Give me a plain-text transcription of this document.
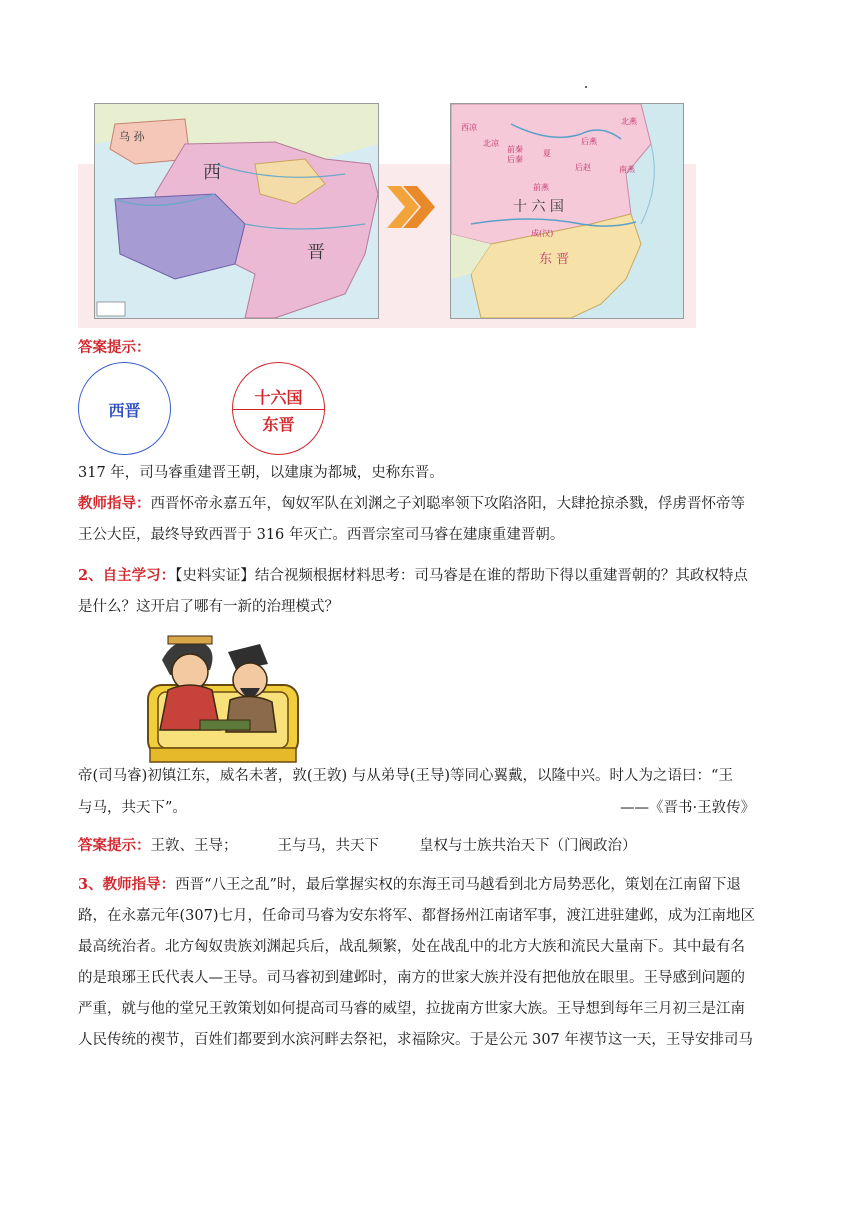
乌 孙
西
晋
西凉
北凉
前秦
后秦
夏
后燕
北燕
南燕
后赵
前燕
成(汉)
十 六 国
东 晋
答案提示：
西晋
十六国
东晋
317 年，司马睿重建晋王朝，以建康为都城，史称东晋。
教师指导：西晋怀帝永嘉五年，匈奴军队在刘渊之子刘聪率领下攻陷洛阳，大肆抢掠杀戮，俘虏晋怀帝等
王公大臣，最终导致西晋于 316 年灭亡。西晋宗室司马睿在建康重建晋朝。
2、自主学习：【史料实证】结合视频根据材料思考：司马睿是在谁的帮助下得以重建晋朝的？其政权特点
是什么？这开启了哪有一新的治理模式？
帝(司马睿)初镇江东，威名未著，敦(王敦) 与从弟导(王导)等同心翼戴，以隆中兴。时人为之语曰：“王
与马，共天下”。	——《晋书·王敦传》
答案提示：王敦、王导；	王与马，共天下	皇权与士族共治天下（门阀政治）
3、教师指导：西晋“八王之乱”时，最后掌握实权的东海王司马越看到北方局势恶化，策划在江南留下退
路，在永嘉元年(307)七月，任命司马睿为安东将军、都督扬州江南诸军事，渡江进驻建邺，成为江南地区
最高统治者。北方匈奴贵族刘渊起兵后，战乱频繁，处在战乱中的北方大族和流民大量南下。其中最有名
的是琅琊王氏代表人—王导。司马睿初到建邺时，南方的世家大族并没有把他放在眼里。王导感到问题的
严重，就与他的堂兄王敦策划如何提高司马睿的威望，拉拢南方世家大族。王导想到每年三月初三是江南
人民传统的禊节，百姓们都要到水滨河畔去祭祀，求福除灾。于是公元 307 年禊节这一天，王导安排司马
